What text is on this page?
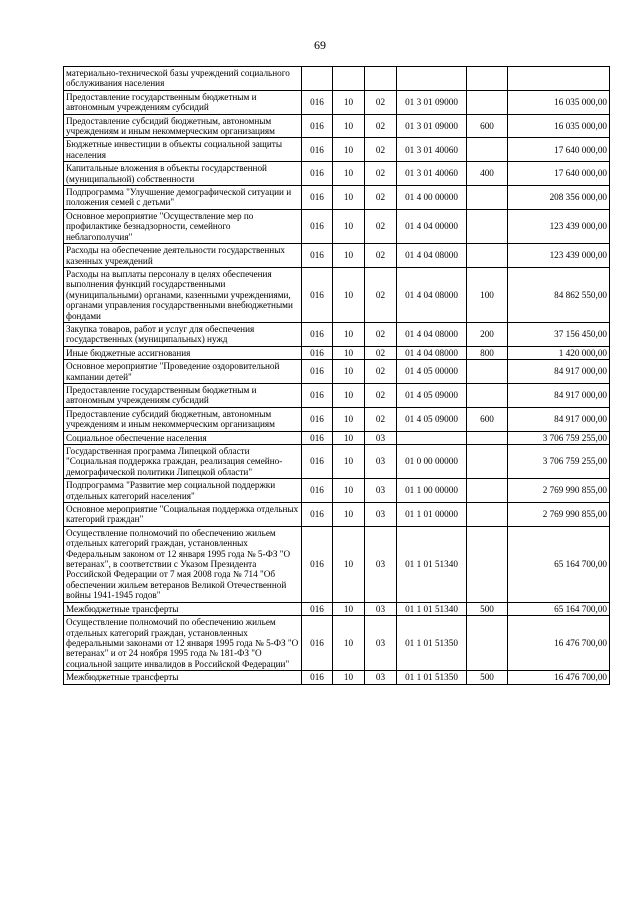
69
материально-технической базы учреждений социального обслуживания населения						
Предоставление государственным бюджетным и автономным учреждениям субсидий	016	10	02	01 3 01 09000		16 035 000,00
Предоставление субсидий бюджетным, автономным учреждениям и иным некоммерческим организациям	016	10	02	01 3 01 09000	600	16 035 000,00
Бюджетные инвестиции в объекты социальной защиты населения	016	10	02	01 3 01 40060		17 640 000,00
Капитальные вложения в объекты государственной (муниципальной) собственности	016	10	02	01 3 01 40060	400	17 640 000,00
Подпрограмма "Улучшение демографической ситуации и положения семей с детьми"	016	10	02	01 4 00 00000		208 356 000,00
Основное мероприятие "Осуществление мер по профилактике безнадзорности, семейного неблагополучия"	016	10	02	01 4 04 00000		123 439 000,00
Расходы на обеспечение деятельности государственных казенных учреждений	016	10	02	01 4 04 08000		123 439 000,00
Расходы на выплаты персоналу в целях обеспечения выполнения функций государственными (муниципальными) органами, казенными учреждениями, органами управления государственными внебюджетными фондами	016	10	02	01 4 04 08000	100	84 862 550,00
Закупка товаров, работ и услуг для обеспечения государственных (муниципальных) нужд	016	10	02	01 4 04 08000	200	37 156 450,00
Иные бюджетные ассигнования	016	10	02	01 4 04 08000	800	1 420 000,00
Основное мероприятие "Проведение оздоровительной кампании детей"	016	10	02	01 4 05 00000		84 917 000,00
Предоставление государственным бюджетным и автономным учреждениям субсидий	016	10	02	01 4 05 09000		84 917 000,00
Предоставление субсидий бюджетным, автономным учреждениям и иным некоммерческим организациям	016	10	02	01 4 05 09000	600	84 917 000,00
Социальное обеспечение населения	016	10	03			3 706 759 255,00
Государственная программа Липецкой области "Социальная поддержка граждан, реализация семейно-демографической политики Липецкой области"	016	10	03	01 0 00 00000		3 706 759 255,00
Подпрограмма "Развитие мер социальной поддержки отдельных категорий населения"	016	10	03	01 1 00 00000		2 769 990 855,00
Основное мероприятие "Социальная поддержка отдельных категорий граждан"	016	10	03	01 1 01 00000		2 769 990 855,00
Осуществление полномочий по обеспечению жильем отдельных категорий граждан, установленных Федеральным законом от 12 января 1995 года № 5-ФЗ "О ветеранах", в соответствии с Указом Президента Российской Федерации от 7 мая 2008 года № 714 "Об обеспечении жильем ветеранов Великой Отечественной войны 1941-1945 годов"	016	10	03	01 1 01 51340		65 164 700,00
Межбюджетные трансферты	016	10	03	01 1 01 51340	500	65 164 700,00
Осуществление полномочий по обеспечению жильем отдельных категорий граждан, установленных федеральными законами от 12 января 1995 года № 5-ФЗ "О ветеранах" и от 24 ноября 1995 года № 181-ФЗ "О социальной защите инвалидов в Российской Федерации"	016	10	03	01 1 01 51350		16 476 700,00
Межбюджетные трансферты	016	10	03	01 1 01 51350	500	16 476 700,00
